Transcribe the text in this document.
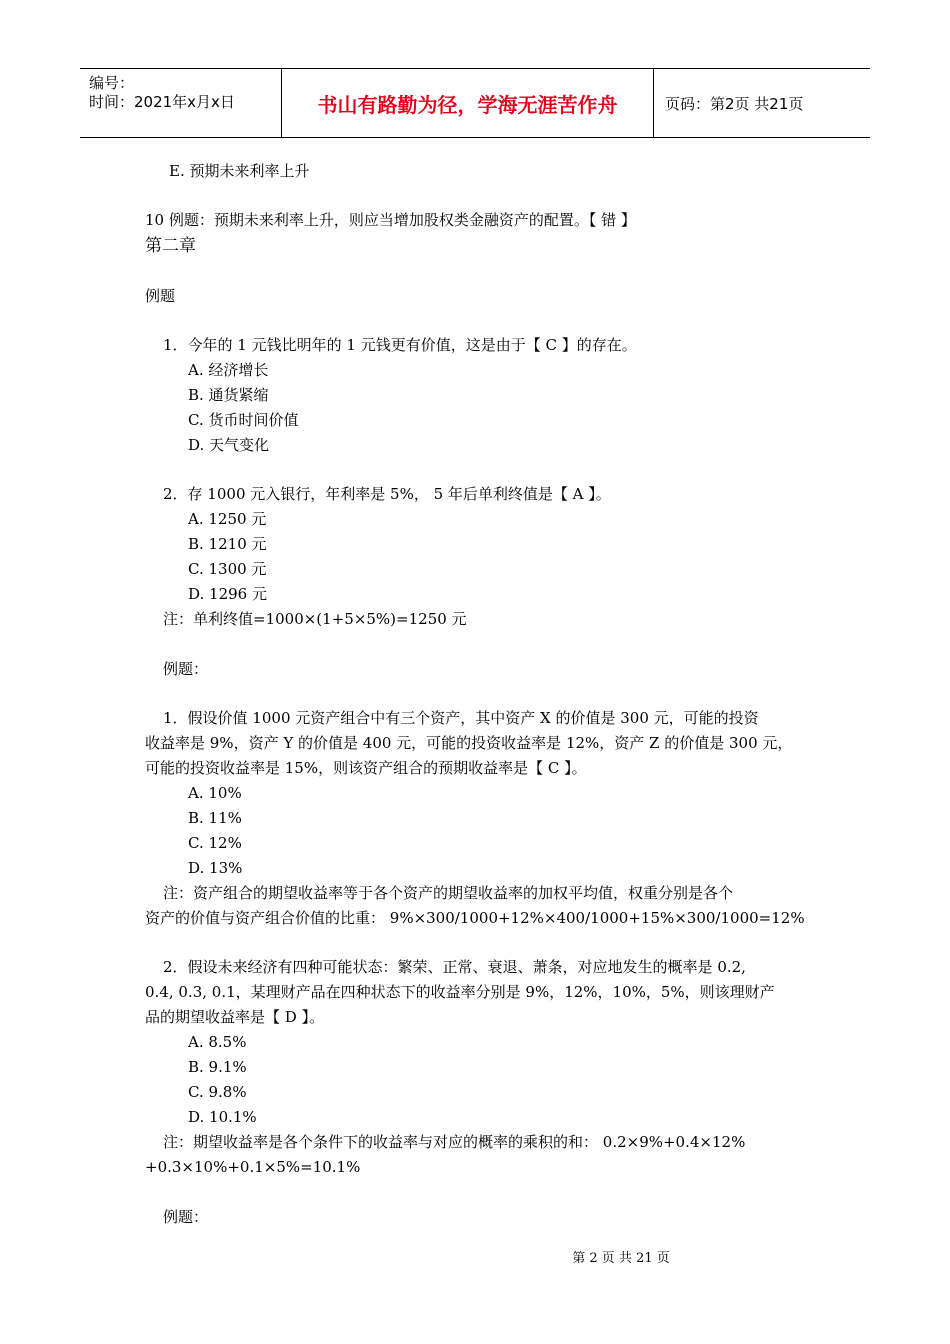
编号：
时间：2021年x月x日	书山有路勤为径，学海无涯苦作舟	页码：第2页 共21页
E. 预期未来利率上升
10 例题：预期未来利率上升，则应当增加股权类金融资产的配置。【 错 】
第二章
例题
1．今年的 1 元钱比明年的 1 元钱更有价值，这是由于【 C 】的存在。
A. 经济增长
B. 通货紧缩
C. 货币时间价值
D. 天气变化
2．存 1000 元入银行，年利率是 5%， 5 年后单利终值是【 A 】。
A. 1250 元
B. 1210 元
C. 1300 元
D. 1296 元
注：单利终值=1000×(1+5×5%)=1250 元
例题：
1．假设价值 1000 元资产组合中有三个资产，其中资产 X 的价值是 300 元，可能的投资
收益率是 9%，资产 Y 的价值是 400 元，可能的投资收益率是 12%，资产 Z 的价值是 300 元，
可能的投资收益率是 15%，则该资产组合的预期收益率是【 C 】。
A. 10%
B. 11%
C. 12%
D. 13%
注：资产组合的期望收益率等于各个资产的期望收益率的加权平均值，权重分别是各个
资产的价值与资产组合价值的比重： 9%×300/1000+12%×400/1000+15%×300/1000=12%
2．假设未来经济有四种可能状态：繁荣、正常、衰退、萧条，对应地发生的概率是 0.2,
0.4, 0.3, 0.1，某理财产品在四种状态下的收益率分别是 9%，12%，10%，5%，则该理财产
品的期望收益率是【 D 】。
A. 8.5%
B. 9.1%
C. 9.8%
D. 10.1%
注：期望收益率是各个条件下的收益率与对应的概率的乘积的和： 0.2×9%+0.4×12%
+0.3×10%+0.1×5%=10.1%
例题：
第 2 页 共 21 页
